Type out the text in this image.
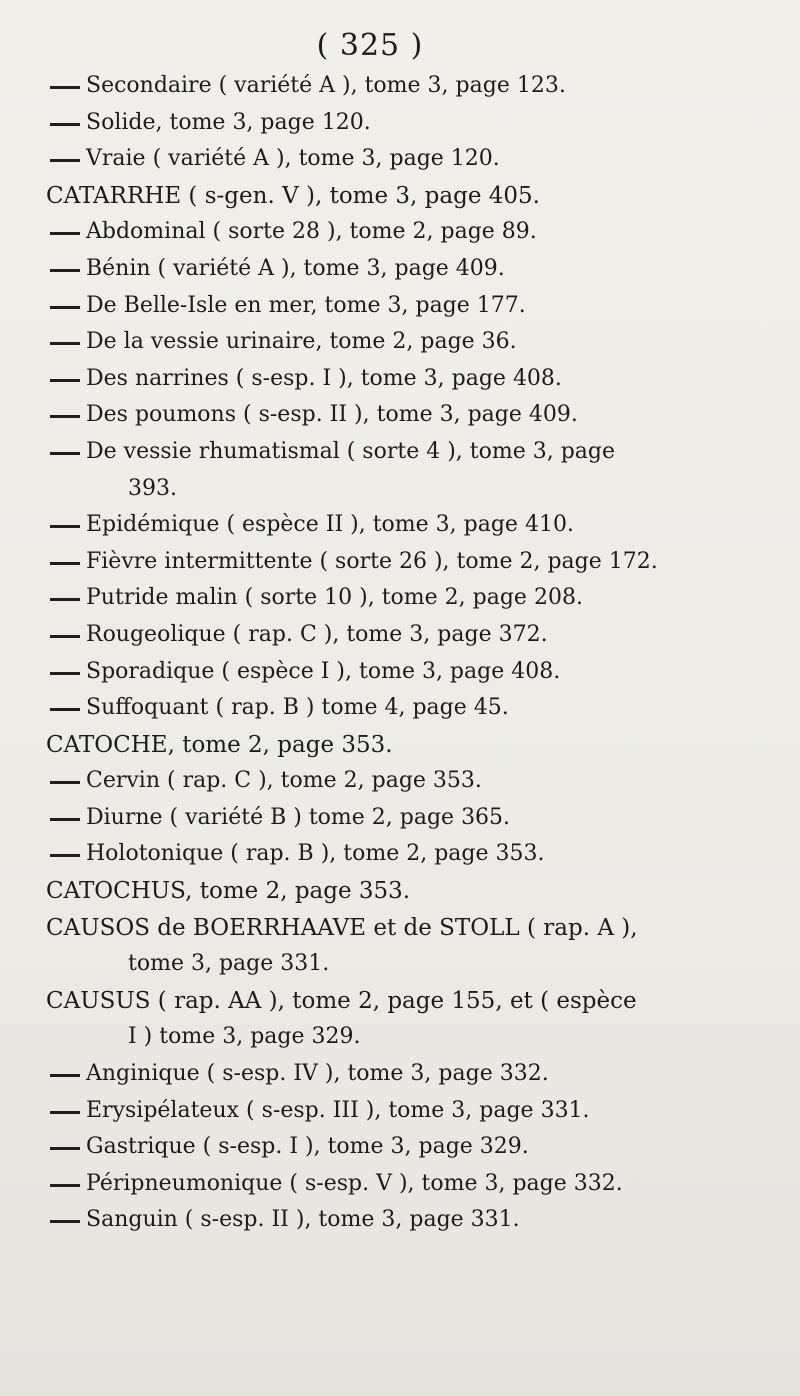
( 325 )
Secondaire ( variété A ), tome 3, page 123.
Solide, tome 3, page 120.
Vraie ( variété A ), tome 3, page 120.
CATARRHE ( s-gen. V ), tome 3, page 405.
Abdominal ( sorte 28 ), tome 2, page 89.
Bénin ( variété A ), tome 3, page 409.
De Belle-Isle en mer, tome 3, page 177.
De la vessie urinaire, tome 2, page 36.
Des narrines ( s-esp. I ), tome 3, page 408.
Des poumons ( s-esp. II ), tome 3, page 409.
De vessie rhumatismal ( sorte 4 ), tome 3, page
393.
Epidémique ( espèce II ), tome 3, page 410.
Fièvre intermittente ( sorte 26 ), tome 2, page 172.
Putride malin ( sorte 10 ), tome 2, page 208.
Rougeolique ( rap. C ), tome 3, page 372.
Sporadique ( espèce I ), tome 3, page 408.
Suffoquant ( rap. B ) tome 4, page 45.
CATOCHE, tome 2, page 353.
Cervin ( rap. C ), tome 2, page 353.
Diurne ( variété B ) tome 2, page 365.
Holotonique ( rap. B ), tome 2, page 353.
CATOCHUS, tome 2, page 353.
CAUSOS de BOERRHAAVE et de STOLL ( rap. A ),
tome 3, page 331.
CAUSUS ( rap. AA ), tome 2, page 155, et ( espèce
I ) tome 3, page 329.
Anginique ( s-esp. IV ), tome 3, page 332.
Erysipélateux ( s-esp. III ), tome 3, page 331.
Gastrique ( s-esp. I ), tome 3, page 329.
Péripneumonique ( s-esp. V ), tome 3, page 332.
Sanguin ( s-esp. II ), tome 3, page 331.
